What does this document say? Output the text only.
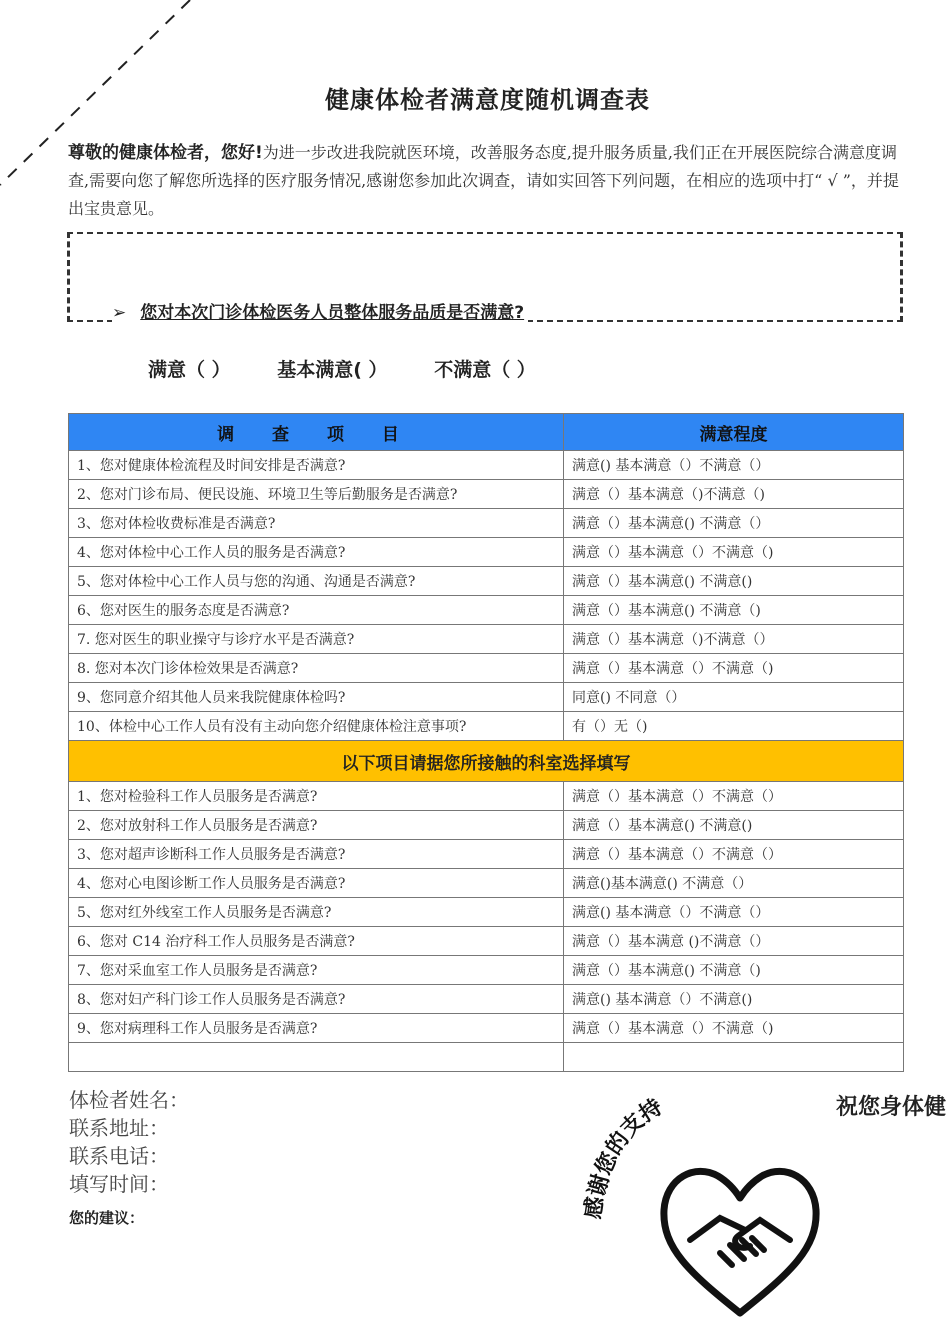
健康体检者满意度随机调查表
尊敬的健康体检者，您好!为进一步改进我院就医环境，改善服务态度,提升服务质量,我们正在开展医院综合满意度调查,需要向您了解您所选择的医疗服务情况,感谢您参加此次调查，请如实回答下列问题，在相应的选项中打“ √ ”，并提出宝贵意见。
➢ 您对本次门诊体检医务人员整体服务品质是否满意?
满意（ ） 基本满意( ） 不满意（ ）
调 查 项 目	满意程度
1、您对健康体检流程及时间安排是否满意?	满意() 基本满意（）不满意（）
2、您对门诊布局、便民设施、环境卫生等后勤服务是否满意?	满意（）基本满意（)不满意（)
3、您对体检收费标准是否满意?	满意（）基本满意() 不满意（）
4、您对体检中心工作人员的服务是否满意?	满意（）基本满意（）不满意（)
5、您对体检中心工作人员与您的沟通、沟通是否满意?	满意（）基本满意() 不满意()
6、您对医生的服务态度是否满意?	满意（）基本满意() 不满意（)
7. 您对医生的职业操守与诊疗水平是否满意?	满意（）基本满意（)不满意（）
8. 您对本次门诊体检效果是否满意?	满意（）基本满意（）不满意（)
9、您同意介绍其他人员来我院健康体检吗?	同意() 不同意（）
10、体检中心工作人员有没有主动向您介绍健康体检注意事项?	有（）无（)
以下项目请据您所接触的科室选择填写	
1、您对检验科工作人员服务是否满意?	满意（）基本满意（）不满意（）
2、您对放射科工作人员服务是否满意?	满意（）基本满意() 不满意()
3、您对超声诊断科工作人员服务是否满意?	满意（）基本满意（）不满意（）
4、您对心电图诊断工作人员服务是否满意?	满意()基本满意() 不满意（）
5、您对红外线室工作人员服务是否满意?	满意() 基本满意（）不满意（）
6、您对 C14 治疗科工作人员服务是否满意?	满意（）基本满意 ()不满意（）
7、您对采血室工作人员服务是否满意?	满意（）基本满意() 不满意（)
8、您对妇产科门诊工作人员服务是否满意?	满意() 基本满意（）不满意()
9、您对病理科工作人员服务是否满意?	满意（）基本满意（）不满意（)

体检者姓名：
联系地址：
联系电话：
填写时间：
您的建议：
祝您身体健
感谢您的支持
